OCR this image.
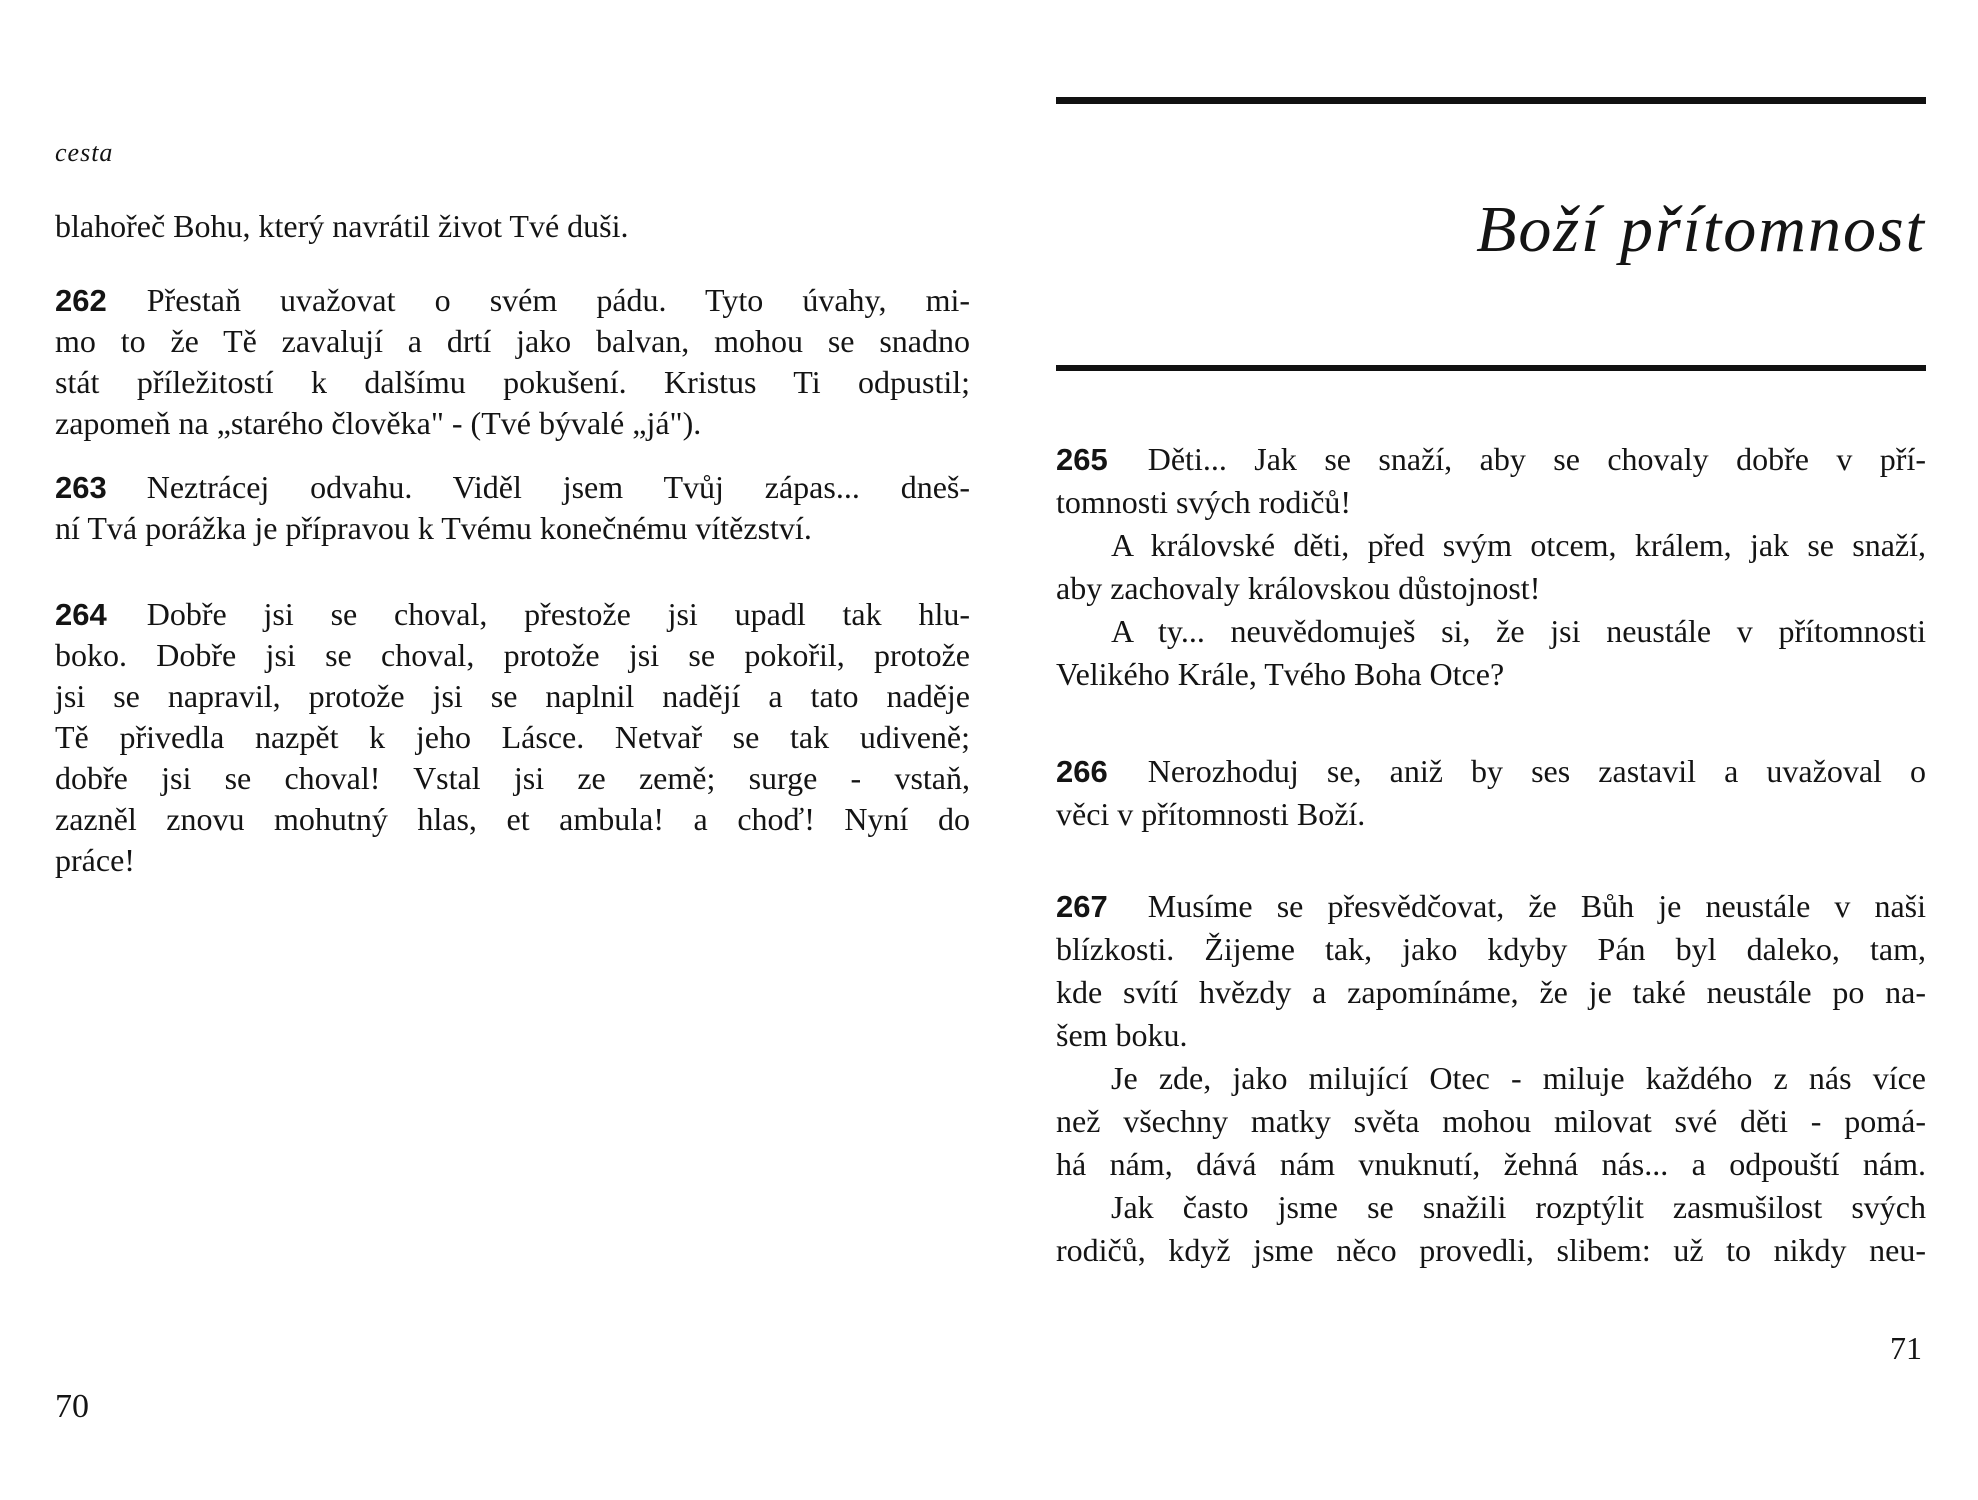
cesta
blahořeč Bohu, který navrátil život Tvé duši.
262 Přestaň uvažovat o svém pádu. Tyto úvahy, mi-
mo to že Tě zavalují a drtí jako balvan, mohou se snadno
stát příležitostí k dalšímu pokušení. Kristus Ti odpustil;
zapomeň na „starého člověka" - (Tvé bývalé „já").
263 Neztrácej odvahu. Viděl jsem Tvůj zápas... dneš-
ní Tvá porážka je přípravou k Tvému konečnému vítězství.
264 Dobře jsi se choval, přestože jsi upadl tak hlu-
boko. Dobře jsi se choval, protože jsi se pokořil, protože
jsi se napravil, protože jsi se naplnil nadějí a tato naděje
Tě přivedla nazpět k jeho Lásce. Netvař se tak udiveně;
dobře jsi se choval! Vstal jsi ze země; surge - vstaň,
zazněl znovu mohutný hlas, et ambula! a choď! Nyní do
práce!
70
Boží přítomnost
265 Děti... Jak se snaží, aby se chovaly dobře v pří-
tomnosti svých rodičů!
A královské děti, před svým otcem, králem, jak se snaží,
aby zachovaly královskou důstojnost!
A ty... neuvědomuješ si, že jsi neustále v přítomnosti
Velikého Krále, Tvého Boha Otce?
266 Nerozhoduj se, aniž by ses zastavil a uvažoval o
věci v přítomnosti Boží.
267 Musíme se přesvědčovat, že Bůh je neustále v naši
blízkosti. Žijeme tak, jako kdyby Pán byl daleko, tam,
kde svítí hvězdy a zapomínáme, že je také neustále po na-
šem boku.
Je zde, jako milující Otec - miluje každého z nás více
než všechny matky světa mohou milovat své děti - pomá-
há nám, dává nám vnuknutí, žehná nás... a odpouští nám.
Jak často jsme se snažili rozptýlit zasmušilost svých
rodičů, když jsme něco provedli, slibem: už to nikdy neu-
71
